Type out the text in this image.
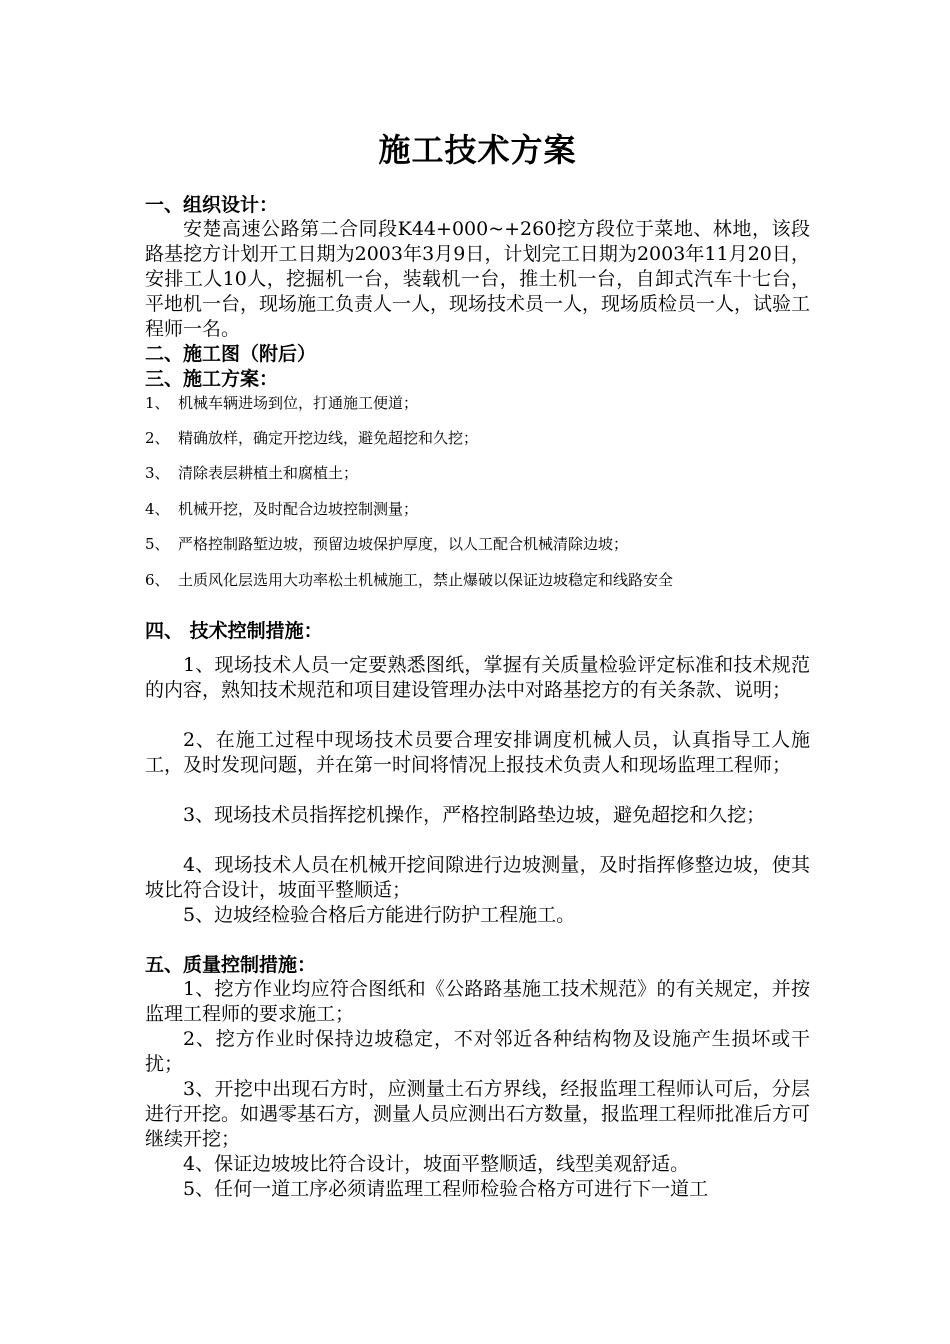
施工技术方案
一、组织设计：
安楚高速公路第二合同段K44+000~+260挖方段位于菜地、林地，该段路基挖方计划开工日期为2003年3月9日，计划完工日期为2003年11月20日，安排工人10人，挖掘机一台，装载机一台，推土机一台，自卸式汽车十七台，平地机一台，现场施工负责人一人，现场技术员一人，现场质检员一人，试验工程师一名。
二、施工图（附后）
三、施工方案：
1、 机械车辆进场到位，打通施工便道；
2、 精确放样，确定开挖边线，避免超挖和久挖；
3、 清除表层耕植土和腐植土；
4、 机械开挖，及时配合边坡控制测量；
5、 严格控制路堑边坡，预留边坡保护厚度，以人工配合机械清除边坡；
6、 土质风化层选用大功率松土机械施工，禁止爆破以保证边坡稳定和线路安全
四、 技术控制措施：
1、现场技术人员一定要熟悉图纸，掌握有关质量检验评定标准和技术规范的内容，熟知技术规范和项目建设管理办法中对路基挖方的有关条款、说明；
2、在施工过程中现场技术员要合理安排调度机械人员，认真指导工人施工，及时发现问题，并在第一时间将情况上报技术负责人和现场监理工程师；
3、现场技术员指挥挖机操作，严格控制路垫边坡，避免超挖和久挖；
4、现场技术人员在机械开挖间隙进行边坡测量，及时指挥修整边坡，使其坡比符合设计，坡面平整顺适；
5、边坡经检验合格后方能进行防护工程施工。
五、质量控制措施：
1、挖方作业均应符合图纸和《公路路基施工技术规范》的有关规定，并按监理工程师的要求施工；
2、挖方作业时保持边坡稳定，不对邻近各种结构物及设施产生损坏或干扰；
3、开挖中出现石方时，应测量土石方界线，经报监理工程师认可后，分层进行开挖。如遇零基石方，测量人员应测出石方数量，报监理工程师批准后方可继续开挖；
4、保证边坡坡比符合设计，坡面平整顺适，线型美观舒适。
5、任何一道工序必须请监理工程师检验合格方可进行下一道工
